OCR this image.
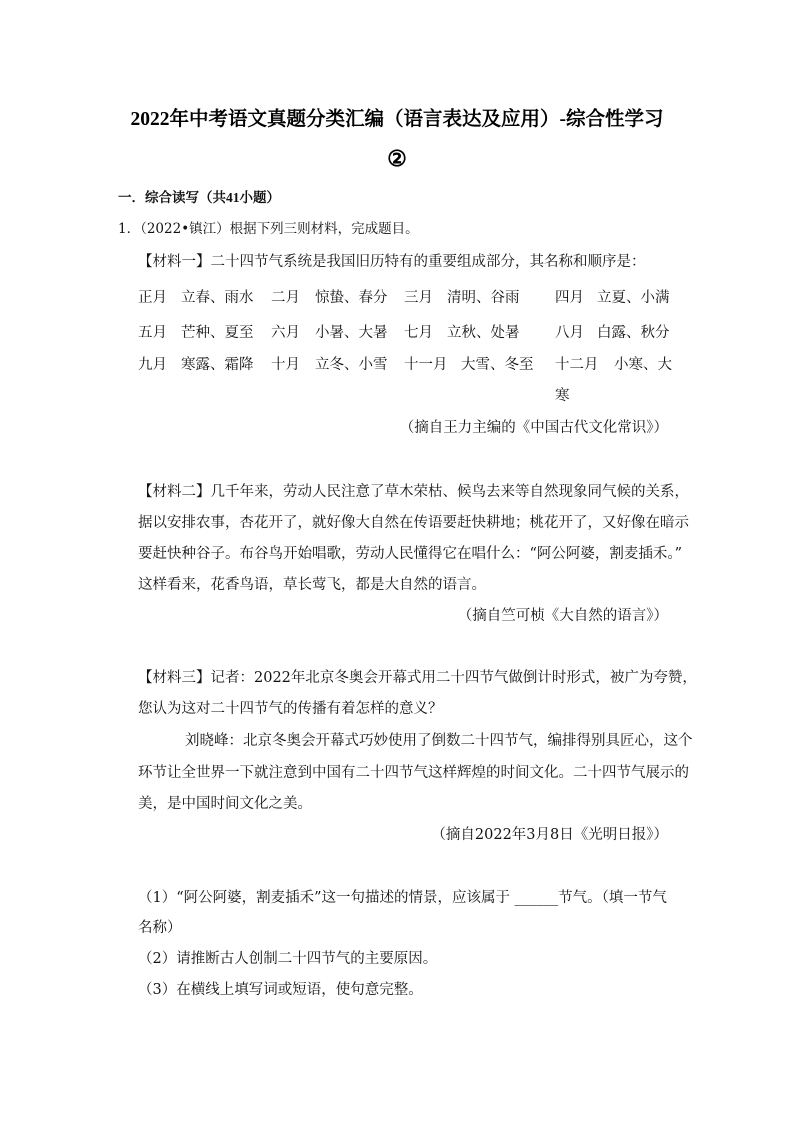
2022年中考语文真题分类汇编（语言表达及应用）-综合性学习
②
一．综合读写（共41小题）
1．（2022•镇江）根据下列三则材料，完成题目。
【材料一】二十四节气系统是我国旧历特有的重要组成部分，其名称和顺序是：
正月 立春、雨水 二月 惊蛰、春分 三月 清明、谷雨 四月 立夏、小满
五月 芒种、夏至 六月 小暑、大暑 七月 立秋、处暑 八月 白露、秋分
九月 寒露、霜降 十月 立冬、小雪 十一月 大雪、冬至 十二月 小寒、大
寒
（摘自王力主编的《中国古代文化常识》）
【材料二】几千年来，劳动人民注意了草木荣枯、候鸟去来等自然现象同气候的关系，
据以安排农事，杏花开了，就好像大自然在传语要赶快耕地；桃花开了，又好像在暗示
要赶快种谷子。布谷鸟开始唱歌，劳动人民懂得它在唱什么：“阿公阿婆，割麦插禾。”
这样看来，花香鸟语，草长莺飞，都是大自然的语言。
（摘自竺可桢《大自然的语言》）
【材料三】记者：2022年北京冬奥会开幕式用二十四节气做倒计时形式，被广为夸赞，
您认为这对二十四节气的传播有着怎样的意义？
刘晓峰：北京冬奥会开幕式巧妙使用了倒数二十四节气，编排得别具匠心，这个
环节让全世界一下就注意到中国有二十四节气这样辉煌的时间文化。二十四节气展示的
美，是中国时间文化之美。
（摘自2022年3月8日《光明日报》）
（1）“阿公阿婆，割麦插禾”这一句描述的情景，应该属于 ______节气。（填一节气
名称）
（2）请推断古人创制二十四节气的主要原因。
（3）在横线上填写词或短语，使句意完整。
